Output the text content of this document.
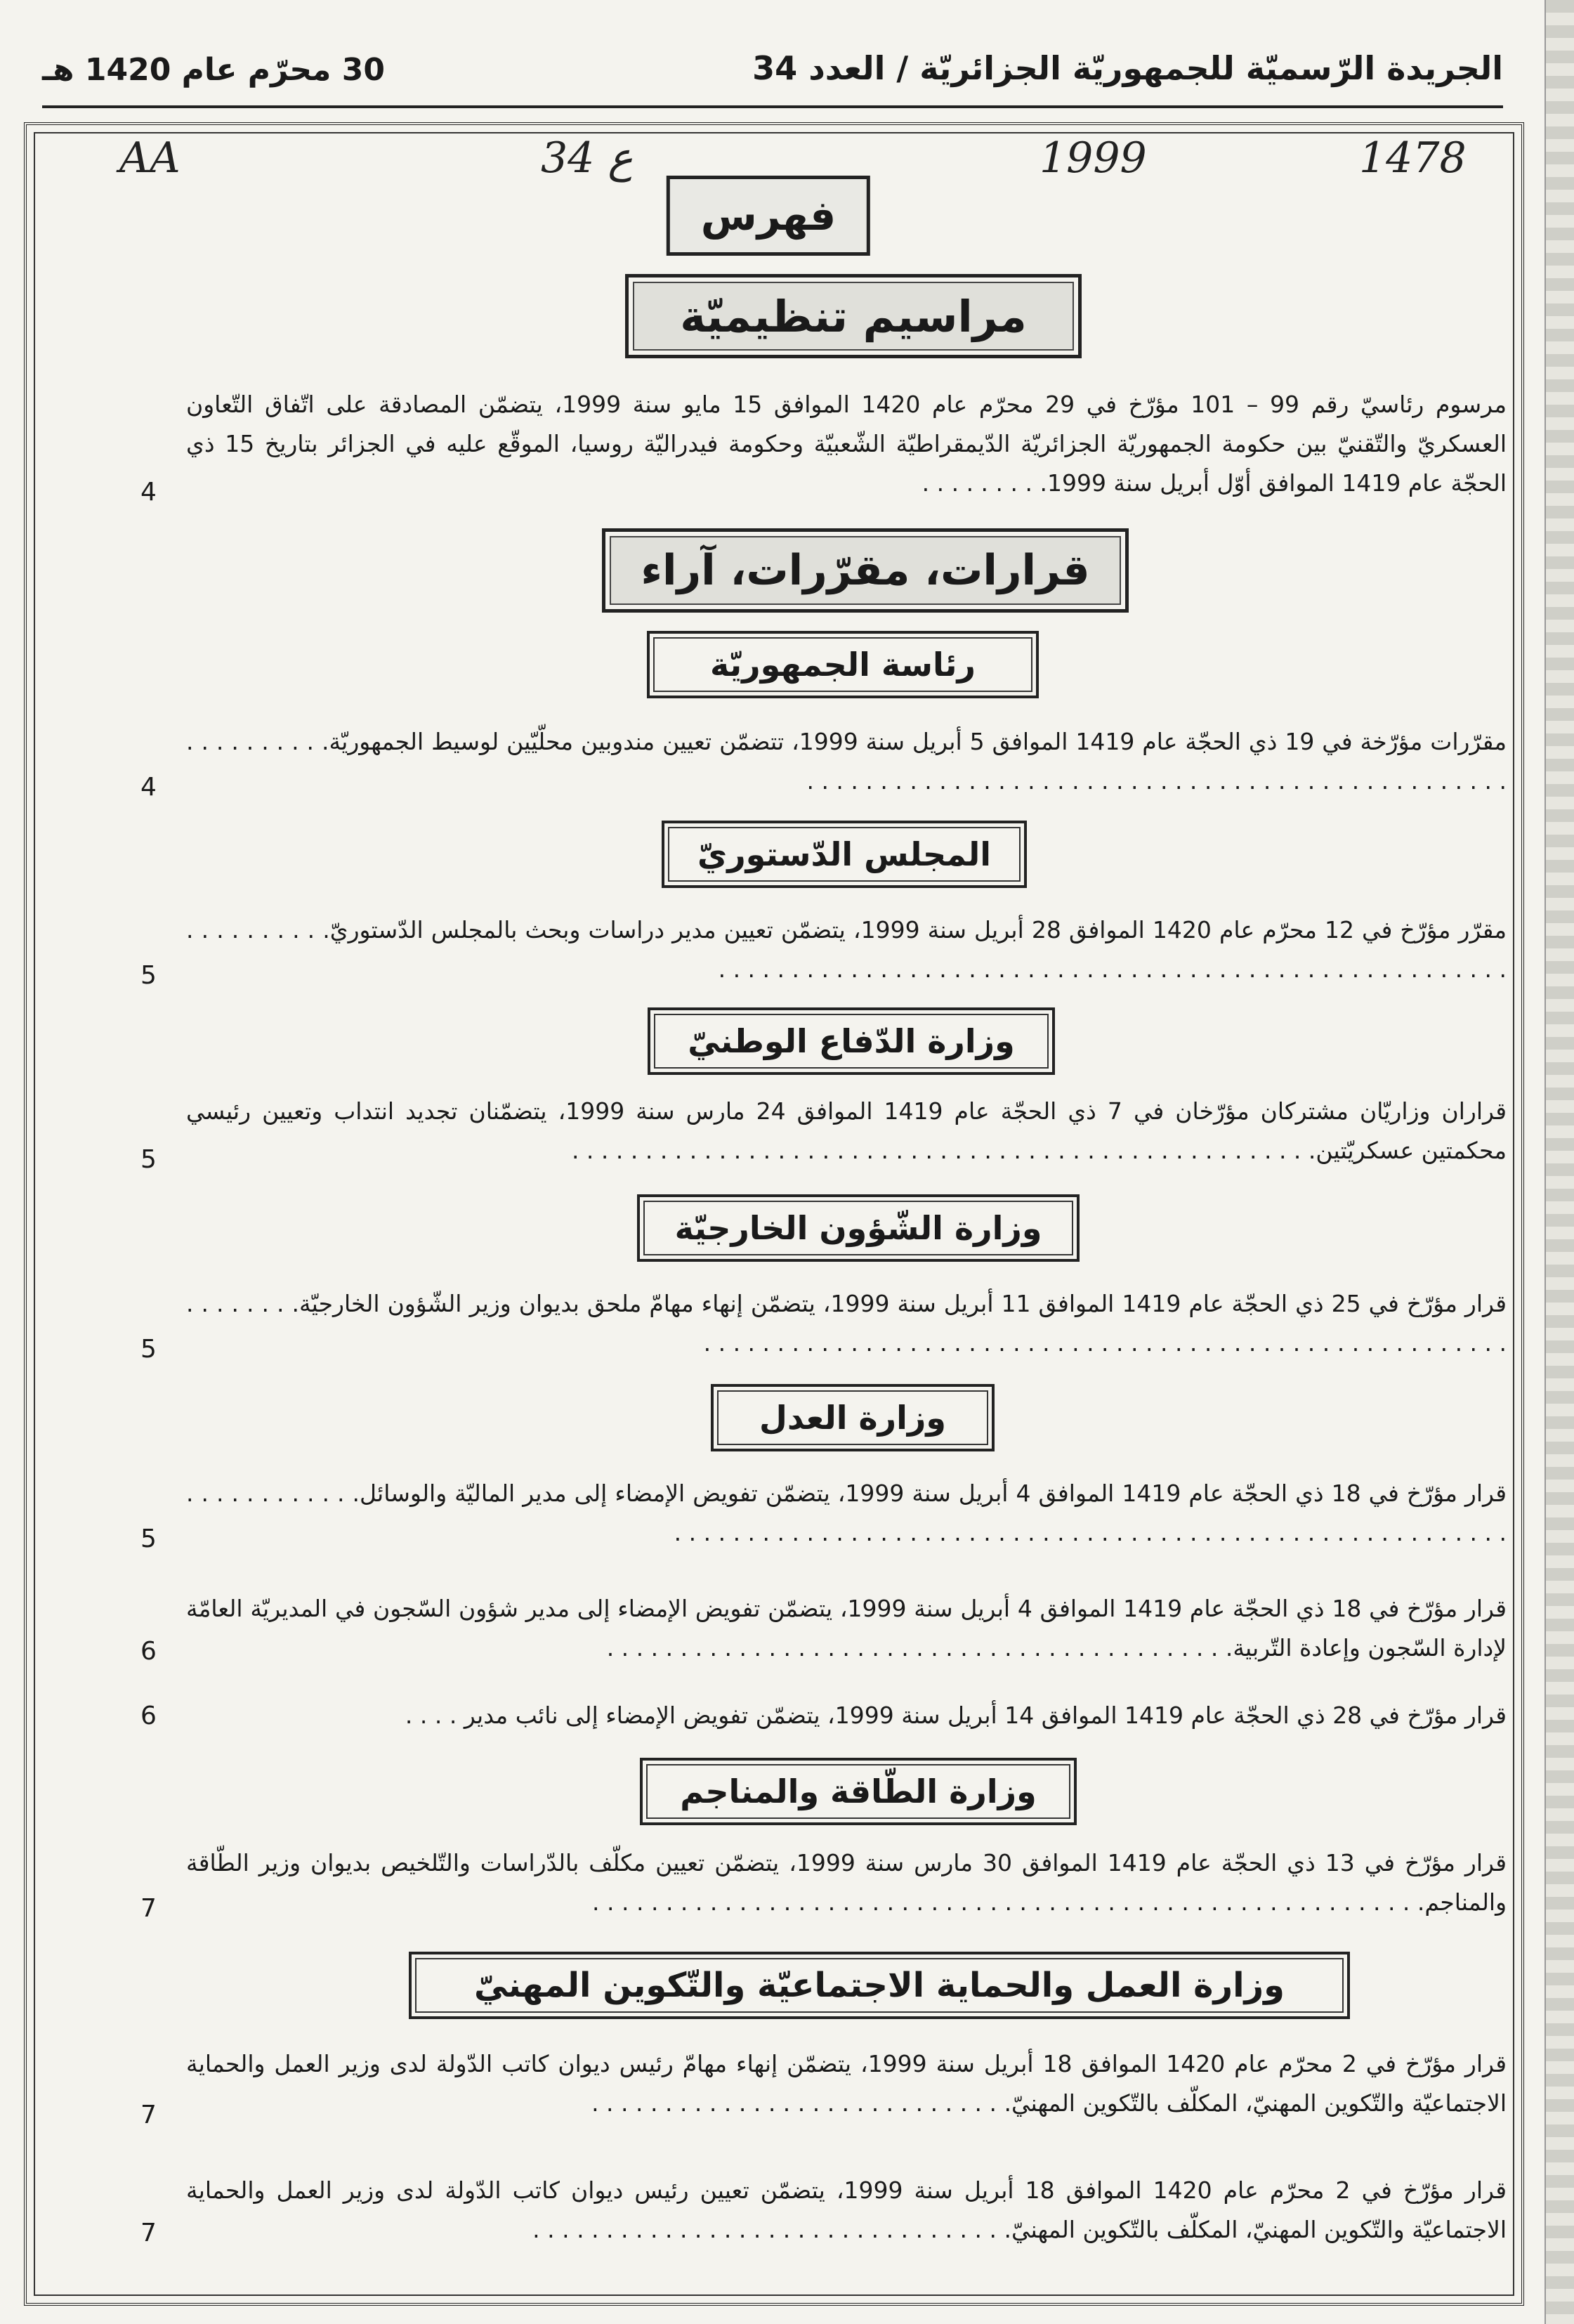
الجريدة الرّسميّة للجمهوريّة الجزائريّة / العدد 34
30 محرّم عام 1420 هـ
AA	34 ع	1999	1478
فهرس
مراسيم تنظيميّة
مرسوم رئاسيّ رقم 99 – 101 مؤرّخ في 29 محرّم عام 1420 الموافق 15 مايو سنة 1999، يتضمّن المصادقة على اتّفاق التّعاون العسكريّ والتّقنيّ بين حكومة الجمهوريّة الجزائريّة الدّيمقراطيّة الشّعبيّة وحكومة فيدراليّة روسيا، الموقّع عليه في الجزائر بتاريخ 15 ذي الحجّة عام 1419 الموافق أوّل أبريل سنة 1999. . . . . . . . .
4
قرارات، مقرّرات، آراء
رئاسة الجمهوريّة
مقرّرات مؤرّخة في 19 ذي الحجّة عام 1419 الموافق 5 أبريل سنة 1999، تتضمّن تعيين مندوبين محلّيّين لوسيط الجمهوريّة. . . . . . . . . . . . . . . . . . . . . . . . . . . . . . . . . . . . . . . . . . . . . . . . . . . . . . . . . .
4
المجلس الدّستوريّ
مقرّر مؤرّخ في 12 محرّم عام 1420 الموافق 28 أبريل سنة 1999، يتضمّن تعيين مدير دراسات وبحث بالمجلس الدّستوريّ. . . . . . . . . . . . . . . . . . . . . . . . . . . . . . . . . . . . . . . . . . . . . . . . . . . . . . . . . . . . . . . .
5
وزارة الدّفاع الوطنيّ
قراران وزاريّان مشتركان مؤرّخان في 7 ذي الحجّة عام 1419 الموافق 24 مارس سنة 1999، يتضمّنان تجديد انتداب وتعيين رئيسي محكمتين عسكريّتين. . . . . . . . . . . . . . . . . . . . . . . . . . . . . . . . . . . . . . . . . . . . . . . . . . .
5
وزارة الشّؤون الخارجيّة
قرار مؤرّخ في 25 ذي الحجّة عام 1419 الموافق 11 أبريل سنة 1999، يتضمّن إنهاء مهامّ ملحق بديوان وزير الشّؤون الخارجيّة. . . . . . . . . . . . . . . . . . . . . . . . . . . . . . . . . . . . . . . . . . . . . . . . . . . . . . . . . . . . . . .
5
وزارة العدل
قرار مؤرّخ في 18 ذي الحجّة عام 1419 الموافق 4 أبريل سنة 1999، يتضمّن تفويض الإمضاء إلى مدير الماليّة والوسائل. . . . . . . . . . . . . . . . . . . . . . . . . . . . . . . . . . . . . . . . . . . . . . . . . . . . . . . . . . . . . . . . . . . . .
5
قرار مؤرّخ في 18 ذي الحجّة عام 1419 الموافق 4 أبريل سنة 1999، يتضمّن تفويض الإمضاء إلى مدير شؤون السّجون في المديريّة العامّة لإدارة السّجون وإعادة التّربية. . . . . . . . . . . . . . . . . . . . . . . . . . . . . . . . . . . . . . . . . . .
6
قرار مؤرّخ في 28 ذي الحجّة عام 1419 الموافق 14 أبريل سنة 1999، يتضمّن تفويض الإمضاء إلى نائب مدير . . . .
6
وزارة الطّاقة والمناجم
قرار مؤرّخ في 13 ذي الحجّة عام 1419 الموافق 30 مارس سنة 1999، يتضمّن تعيين مكلّف بالدّراسات والتّلخيص بديوان وزير الطّاقة والمناجم. . . . . . . . . . . . . . . . . . . . . . . . . . . . . . . . . . . . . . . . . . . . . . . . . . . . . . . . .
7
وزارة العمل والحماية الاجتماعيّة والتّكوين المهنيّ
قرار مؤرّخ في 2 محرّم عام 1420 الموافق 18 أبريل سنة 1999، يتضمّن إنهاء مهامّ رئيس ديوان كاتب الدّولة لدى وزير العمل والحماية الاجتماعيّة والتّكوين المهنيّ، المكلّف بالتّكوين المهنيّ. . . . . . . . . . . . . . . . . . . . . . . . . . . . .
7
قرار مؤرّخ في 2 محرّم عام 1420 الموافق 18 أبريل سنة 1999، يتضمّن تعيين رئيس ديوان كاتب الدّولة لدى وزير العمل والحماية الاجتماعيّة والتّكوين المهنيّ، المكلّف بالتّكوين المهنيّ. . . . . . . . . . . . . . . . . . . . . . . . . . . . . . . . .
7
